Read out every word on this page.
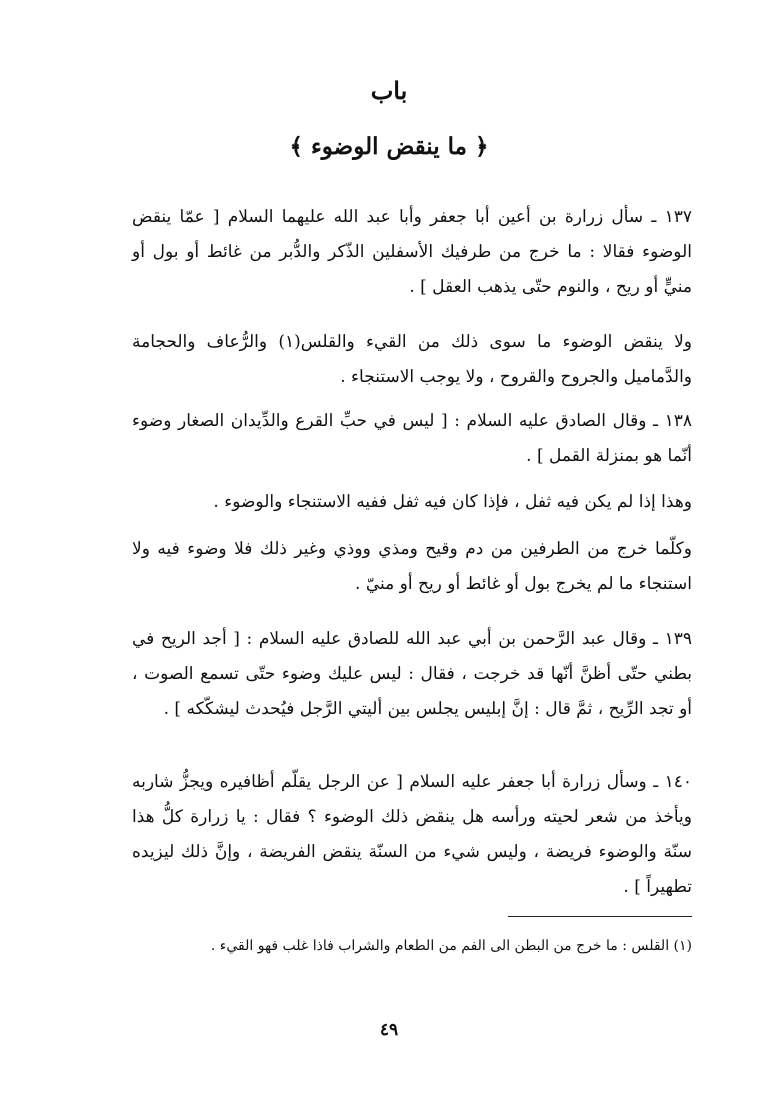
باب
﴿ ما ينقض الوضوء ﴾
١٣٧ ـ سأل زرارة بن أعين أبا جعفر وأبا عبد الله عليهما السلام [ عمّا ينقض الوضوء فقالا : ما خرج من طرفيك الأسفلين الذّكر والدُّبر من غائط أو بول أو منيٍّ أو ريح ، والنوم حتّى يذهب العقل ] .
ولا ينقض الوضوء ما سوى ذلك من القيء والقلس(١) والرُّعاف والحجامة والدَّماميل والجروح والقروح ، ولا يوجب الاستنجاء .
١٣٨ ـ وقال الصادق عليه السلام : [ ليس في حبِّ القرع والدِّيدان الصغار وضوء أنّما هو بمنزلة القمل ] .
وهذا إذا لم يكن فيه ثفل ، فإذا كان فيه ثفل ففيه الاستنجاء والوضوء .
وكلّما خرج من الطرفين من دم وقيح ومذي ووذي وغير ذلك فلا وضوء فيه ولا استنجاء ما لم يخرج بول أو غائط أو ريح أو منيّ .
١٣٩ ـ وقال عبد الرَّحمن بن أبي عبد الله للصادق عليه السلام : [ أجد الريح في بطني حتّى أظنَّ أنّها قد خرجت ، فقال : ليس عليك وضوء حتّى تسمع الصوت ، أو تجد الرِّيح ، ثمَّ قال : إنَّ إبليس يجلس بين أليتي الرَّجل فيُحدث ليشكّكه ] .
١٤٠ ـ وسأل زرارة أبا جعفر عليه السلام [ عن الرجل يقلّم أظافيره ويجزُّ شاربه ويأخذ من شعر لحيته ورأسه هل ينقض ذلك الوضوء ؟ فقال : يا زرارة كلُّ هذا سنّة والوضوء فريضة ، وليس شيء من السنّة ينقض الفريضة ، وإنَّ ذلك ليزيده تطهيراً ] .
(١) القلس : ما خرج من البطن الى الفم من الطعام والشراب فاذا غلب فهو القيء .
٤٩
